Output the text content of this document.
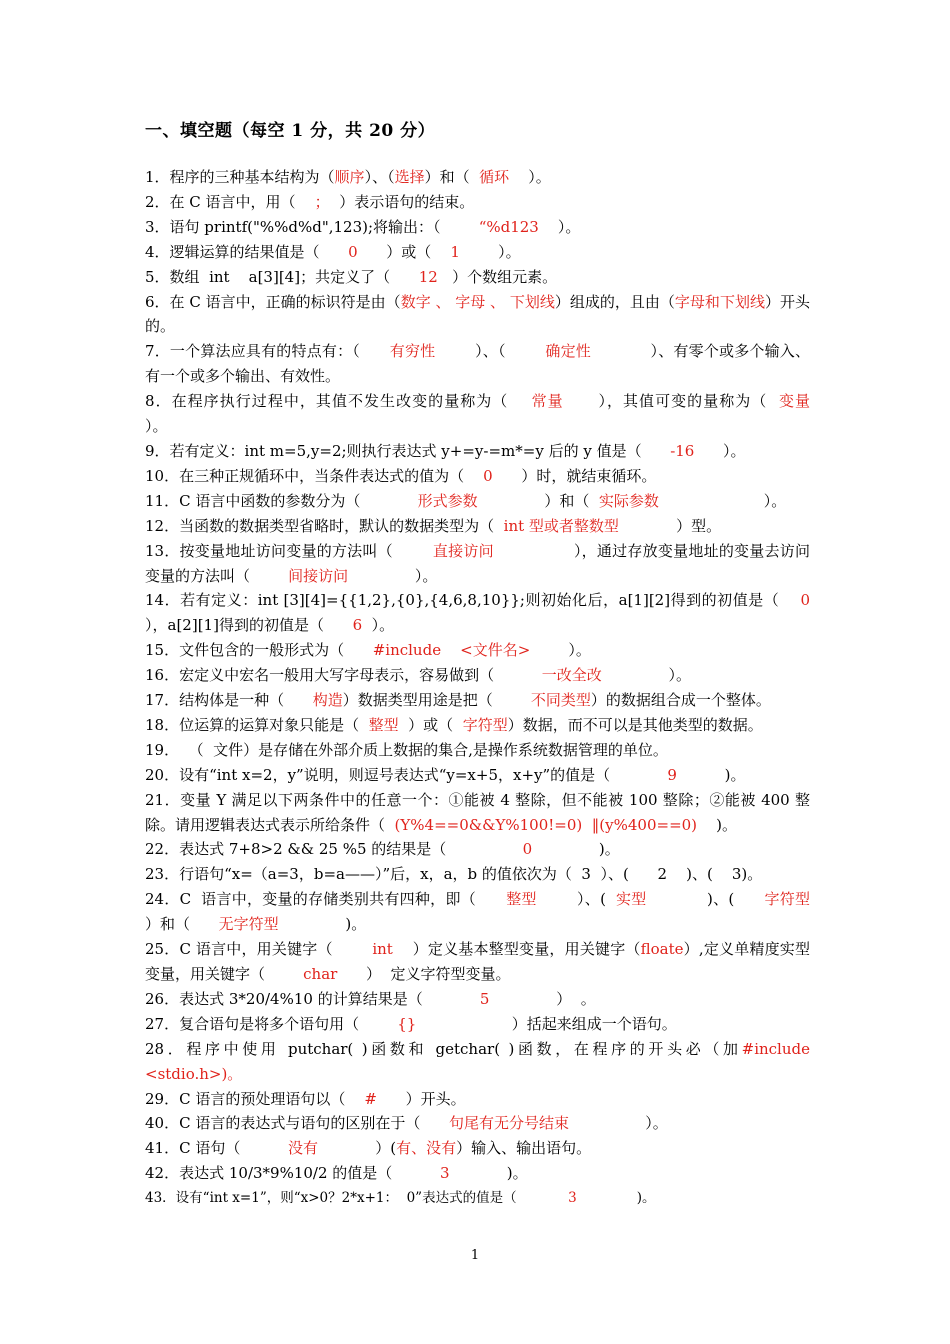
一、填空题（每空 1 分，共 20 分）

1．程序的三种基本结构为（顺序）、（选择）和（  循环    ）。

2．在 C 语言中，用（    ；  ）表示语句的结束。

3．语句 printf("%%d%d",123);将输出：（        “%d123    ）。

4．逻辑运算的结果值是（      0      ）或（    1        ）。

5．数组  int    a[3][4]；共定义了（      12   ）个数组元素。

6．在 C 语言中，正确的标识符是由（数字 、 字母 、 下划线）组成的，且由（字母和下划线）开头的。

7．一个算法应具有的特点有：（      有穷性        ）、（        确定性            ）、有零个或多个输入、有一个或多个输出、有效性。

8．在程序执行过程中，其值不发生改变的量称为（    常量      ），其值可变的量称为（  变量        ）。

9．若有定义：int m=5,y=2;则执行表达式 y+=y-=m*=y 后的 y 值是（      -16      ）。

10．在三种正规循环中，当条件表达式的值为（    0      ）时，就结束循环。

11．C 语言中函数的参数分为（            形式参数              ）和（  实际参数                      ）。

12．当函数的数据类型省略时，默认的数据类型为（  int 型或者整数型            ）型。

13．按变量地址访问变量的方法叫（        直接访问                ），通过存放变量地址的变量去访问变量的方法叫（        间接访问              ）。

14．若有定义：int [3][4]={{1,2},{0},{4,6,8,10}};则初始化后，a[1][2]得到的初值是（    0      ），a[2][1]得到的初值是（      6  ）。

15．文件包含的一般形式为（      #include    <文件名>        ）。

16．宏定义中宏名一般用大写字母表示，容易做到（          一改全改              ）。

17．结构体是一种（      构造）数据类型用途是把（        不同类型）的数据组合成一个整体。

18．位运算的运算对象只能是（  整型  ）或（  字符型）数据，而不可以是其他类型的数据。

19．  （  文件）是存储在外部介质上数据的集合,是操作系统数据管理的单位。

20．设有“int x=2，y”说明，则逗号表达式“y=x+5，x+y”的值是（            9          )。

21．变量 Y 满足以下两条件中的任意一个：①能被 4 整除，但不能被 100 整除；②能被 400 整除。请用逻辑表达式表示所给条件（  (Y%4==0&&Y%100!=0)  ‖(y%400==0)    )。

22．表达式 7+8>2 && 25 %5 的结果是（                0              )。

23．行语句“x=（a=3，b=a——）”后，x，a，b 的值依次为（  3  ）、(      2    )、(    3)。

24．C  语言中，变量的存储类别共有四种，即（      整型        ）、(  实型            )、(      字符型              ）和（      无字符型              )。

25．C 语言中，用关键字（        int    ）定义基本整型变量，用关键字（floate）,定义单精度实型变量，用关键字（        char      ）  定义字符型变量。

26．表达式 3*20/4%10 的计算结果是（            5              ）  。

27．复合语句是将多个语句用（        {}                    ）括起来组成一个语句。

28．程序中使用 putchar( )函数和 getchar( )函数，在程序的开头必（加#include <stdio.h>)。

29．C 语言的预处理语句以（    #      ）开头。

40．C 语言的表达式与语句的区别在于（      句尾有无分号结束                ）。

41．C 语句（          没有            ）(有、没有）输入、输出语句。

42．表达式 10/3*9%10/2 的值是（          3            )。

43．设有“int x=1”，则“x>0？2*x+1：  0”表达式的值是（            3              )。

1
